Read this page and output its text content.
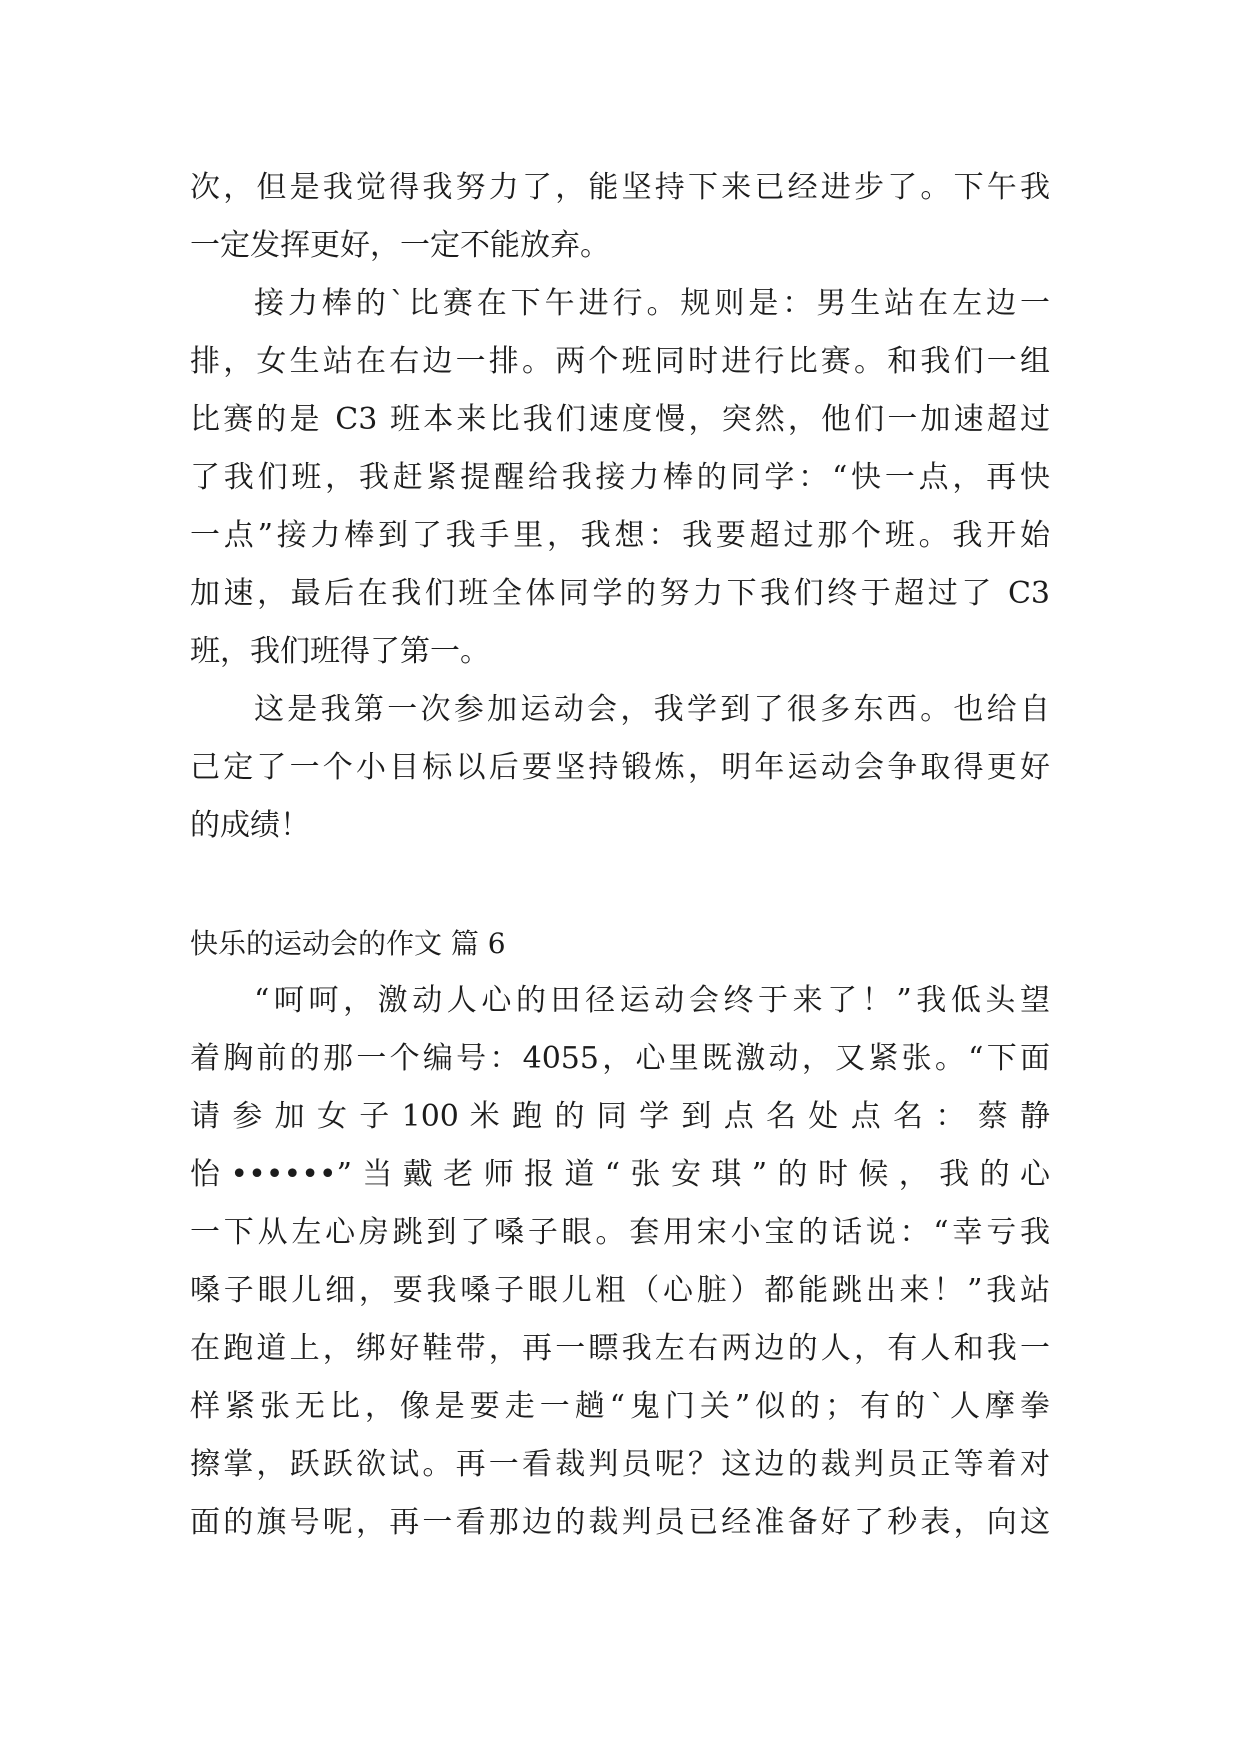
次，但是我觉得我努力了，能坚持下来已经进步了。下午我

一定发挥更好，一定不能放弃。

接力棒的`比赛在下午进行。规则是：男生站在左边一

排，女生站在右边一排。两个班同时进行比赛。和我们一组

比赛的是 C3 班本来比我们速度慢，突然，他们一加速超过

了我们班，我赶紧提醒给我接力棒的同学：“快一点，再快

一点”接力棒到了我手里，我想：我要超过那个班。我开始

加速，最后在我们班全体同学的努力下我们终于超过了 C3

班，我们班得了第一。

这是我第一次参加运动会，我学到了很多东西。也给自

己定了一个小目标以后要坚持锻炼，明年运动会争取得更好

的成绩！

快乐的运动会的作文 篇 6

“呵呵，激动人心的田径运动会终于来了！”我低头望

着胸前的那一个编号：4055，心里既激动，又紧张。“下面

请 参 加 女 子 100 米 跑 的 同 学 到 点 名 处 点 名 ： 蔡 静

怡••••••”当戴老师报道“张安琪”的时候，我的心

一下从左心房跳到了嗓子眼。套用宋小宝的话说：“幸亏我

嗓子眼儿细，要我嗓子眼儿粗（心脏）都能跳出来！”我站

在跑道上，绑好鞋带，再一瞟我左右两边的人，有人和我一

样紧张无比，像是要走一趟“鬼门关”似的；有的`人摩拳

擦掌，跃跃欲试。再一看裁判员呢？这边的裁判员正等着对

面的旗号呢，再一看那边的裁判员已经准备好了秒表，向这
